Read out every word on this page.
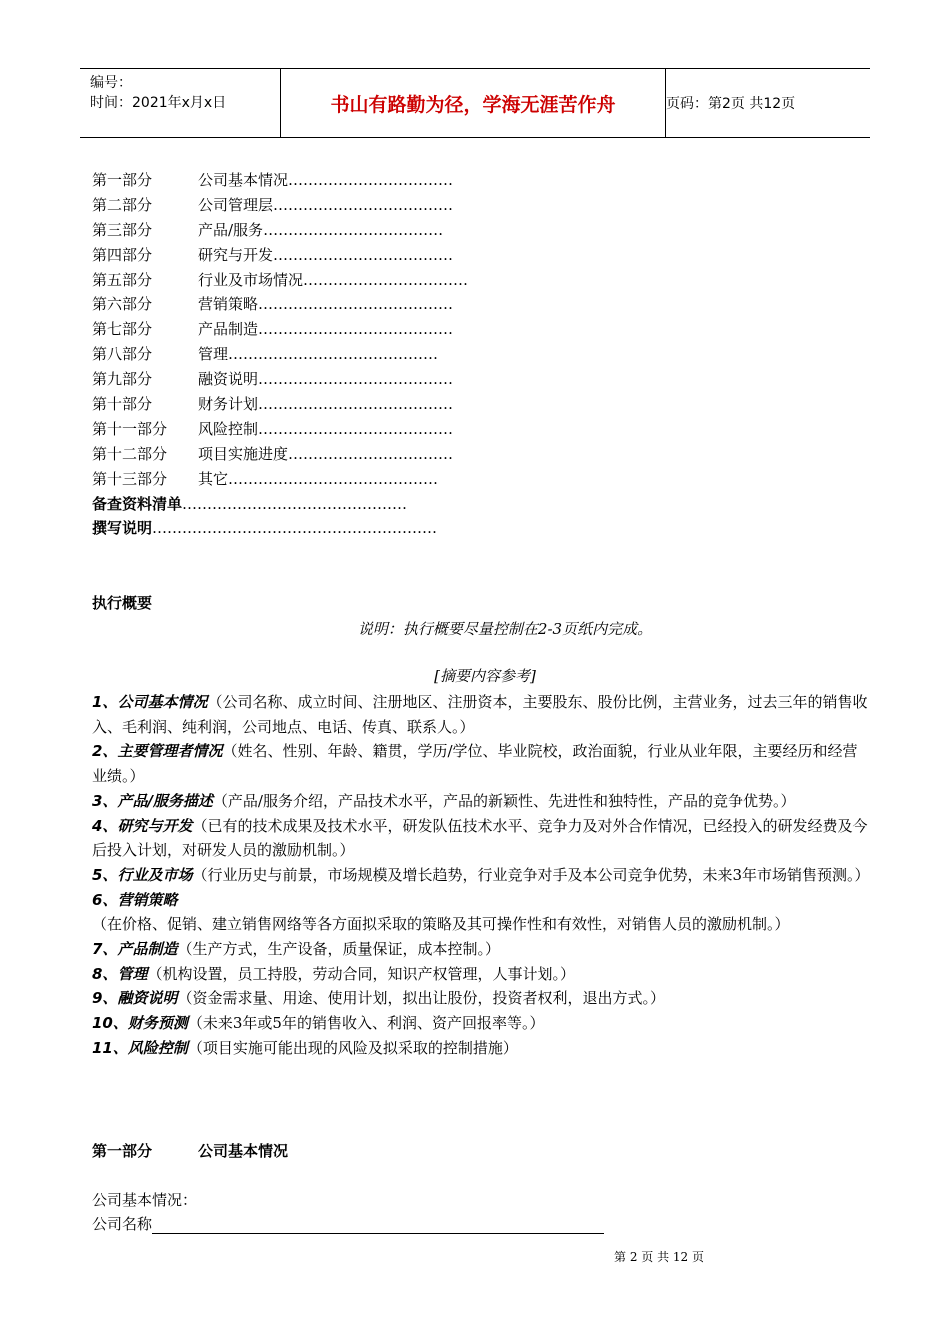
编号：
时间：2021年x月x日	书山有路勤为径，学海无涯苦作舟	页码：第2页 共12页
第一部分	公司基本情况 ……………………………
第二部分	公司管理层 ………………………………
第三部分	产品/服务 ………………………………
第四部分	研究与开发 ………………………………
第五部分	行业及市场情况 ……………………………
第六部分	营销策略 …………………………………
第七部分	产品制造 …………………………………
第八部分	管理 ……………………………………
第九部分	融资说明 …………………………………
第十部分	财务计划 …………………………………
第十一部分	风险控制 …………………………………
第十二部分	项目实施进度 ……………………………
第十三部分	其它 ……………………………………
备查资料清单 ………………………………………
撰写说明 …………………………………………………
执行概要
说明：执行概要尽量控制在2-3页纸内完成。
[摘要内容参考]
1、公司基本情况（公司名称、成立时间、注册地区、注册资本，主要股东、股份比例，主营业务，过去三年的销售收入、毛利润、纯利润，公司地点、电话、传真、联系人。）
2、主要管理者情况（姓名、性别、年龄、籍贯，学历/学位、毕业院校，政治面貌，行业从业年限，主要经历和经营业绩。）
3、产品/服务描述（产品/服务介绍，产品技术水平，产品的新颖性、先进性和独特性，产品的竞争优势。）
4、研究与开发（已有的技术成果及技术水平，研发队伍技术水平、竞争力及对外合作情况，已经投入的研发经费及今后投入计划，对研发人员的激励机制。）
5、行业及市场（行业历史与前景，市场规模及增长趋势，行业竞争对手及本公司竞争优势，未来3年市场销售预测。）
6、营销策略（在价格、促销、建立销售网络等各方面拟采取的策略及其可操作性和有效性，对销售人员的激励机制。）
7、产品制造（生产方式，生产设备，质量保证，成本控制。）
8、管理（机构设置，员工持股，劳动合同，知识产权管理，人事计划。）
9、融资说明（资金需求量、用途、使用计划，拟出让股份，投资者权利，退出方式。）
10、财务预测（未来3年或5年的销售收入、利润、资产回报率等。）
11、风险控制（项目实施可能出现的风险及拟采取的控制措施）
第一部分	公司基本情况
公司基本情况：
公司名称
第 2 页 共 12 页
